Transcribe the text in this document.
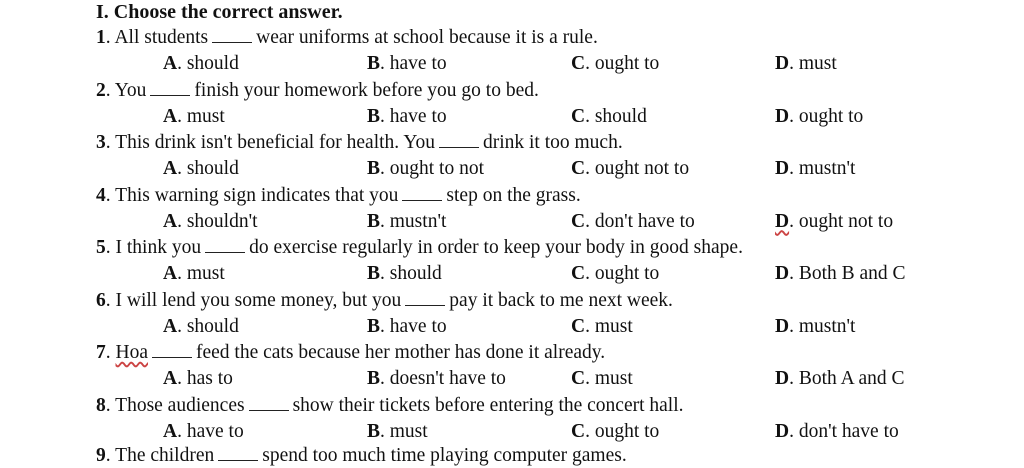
I. Choose the correct answer.
1. All students wear uniforms at school because it is a rule.
A. should	B. have to	C. ought to	D. must
2. You finish your homework before you go to bed.
A. must	B. have to	C. should	D. ought to
3. This drink isn't beneficial for health. You drink it too much.
A. should	B. ought to not	C. ought not to	D. mustn't
4. This warning sign indicates that you step on the grass.
A. shouldn't	B. mustn't	C. don't have to	D. ought not to
5. I think you do exercise regularly in order to keep your body in good shape.
A. must	B. should	C. ought to	D. Both B and C
6. I will lend you some money, but you pay it back to me next week.
A. should	B. have to	C. must	D. mustn't
7. Hoa feed the cats because her mother has done it already.
A. has to	B. doesn't have to	C. must	D. Both A and C
8. Those audiences show their tickets before entering the concert hall.
A. have to	B. must	C. ought to	D. don't have to
9. The children spend too much time playing computer games.
